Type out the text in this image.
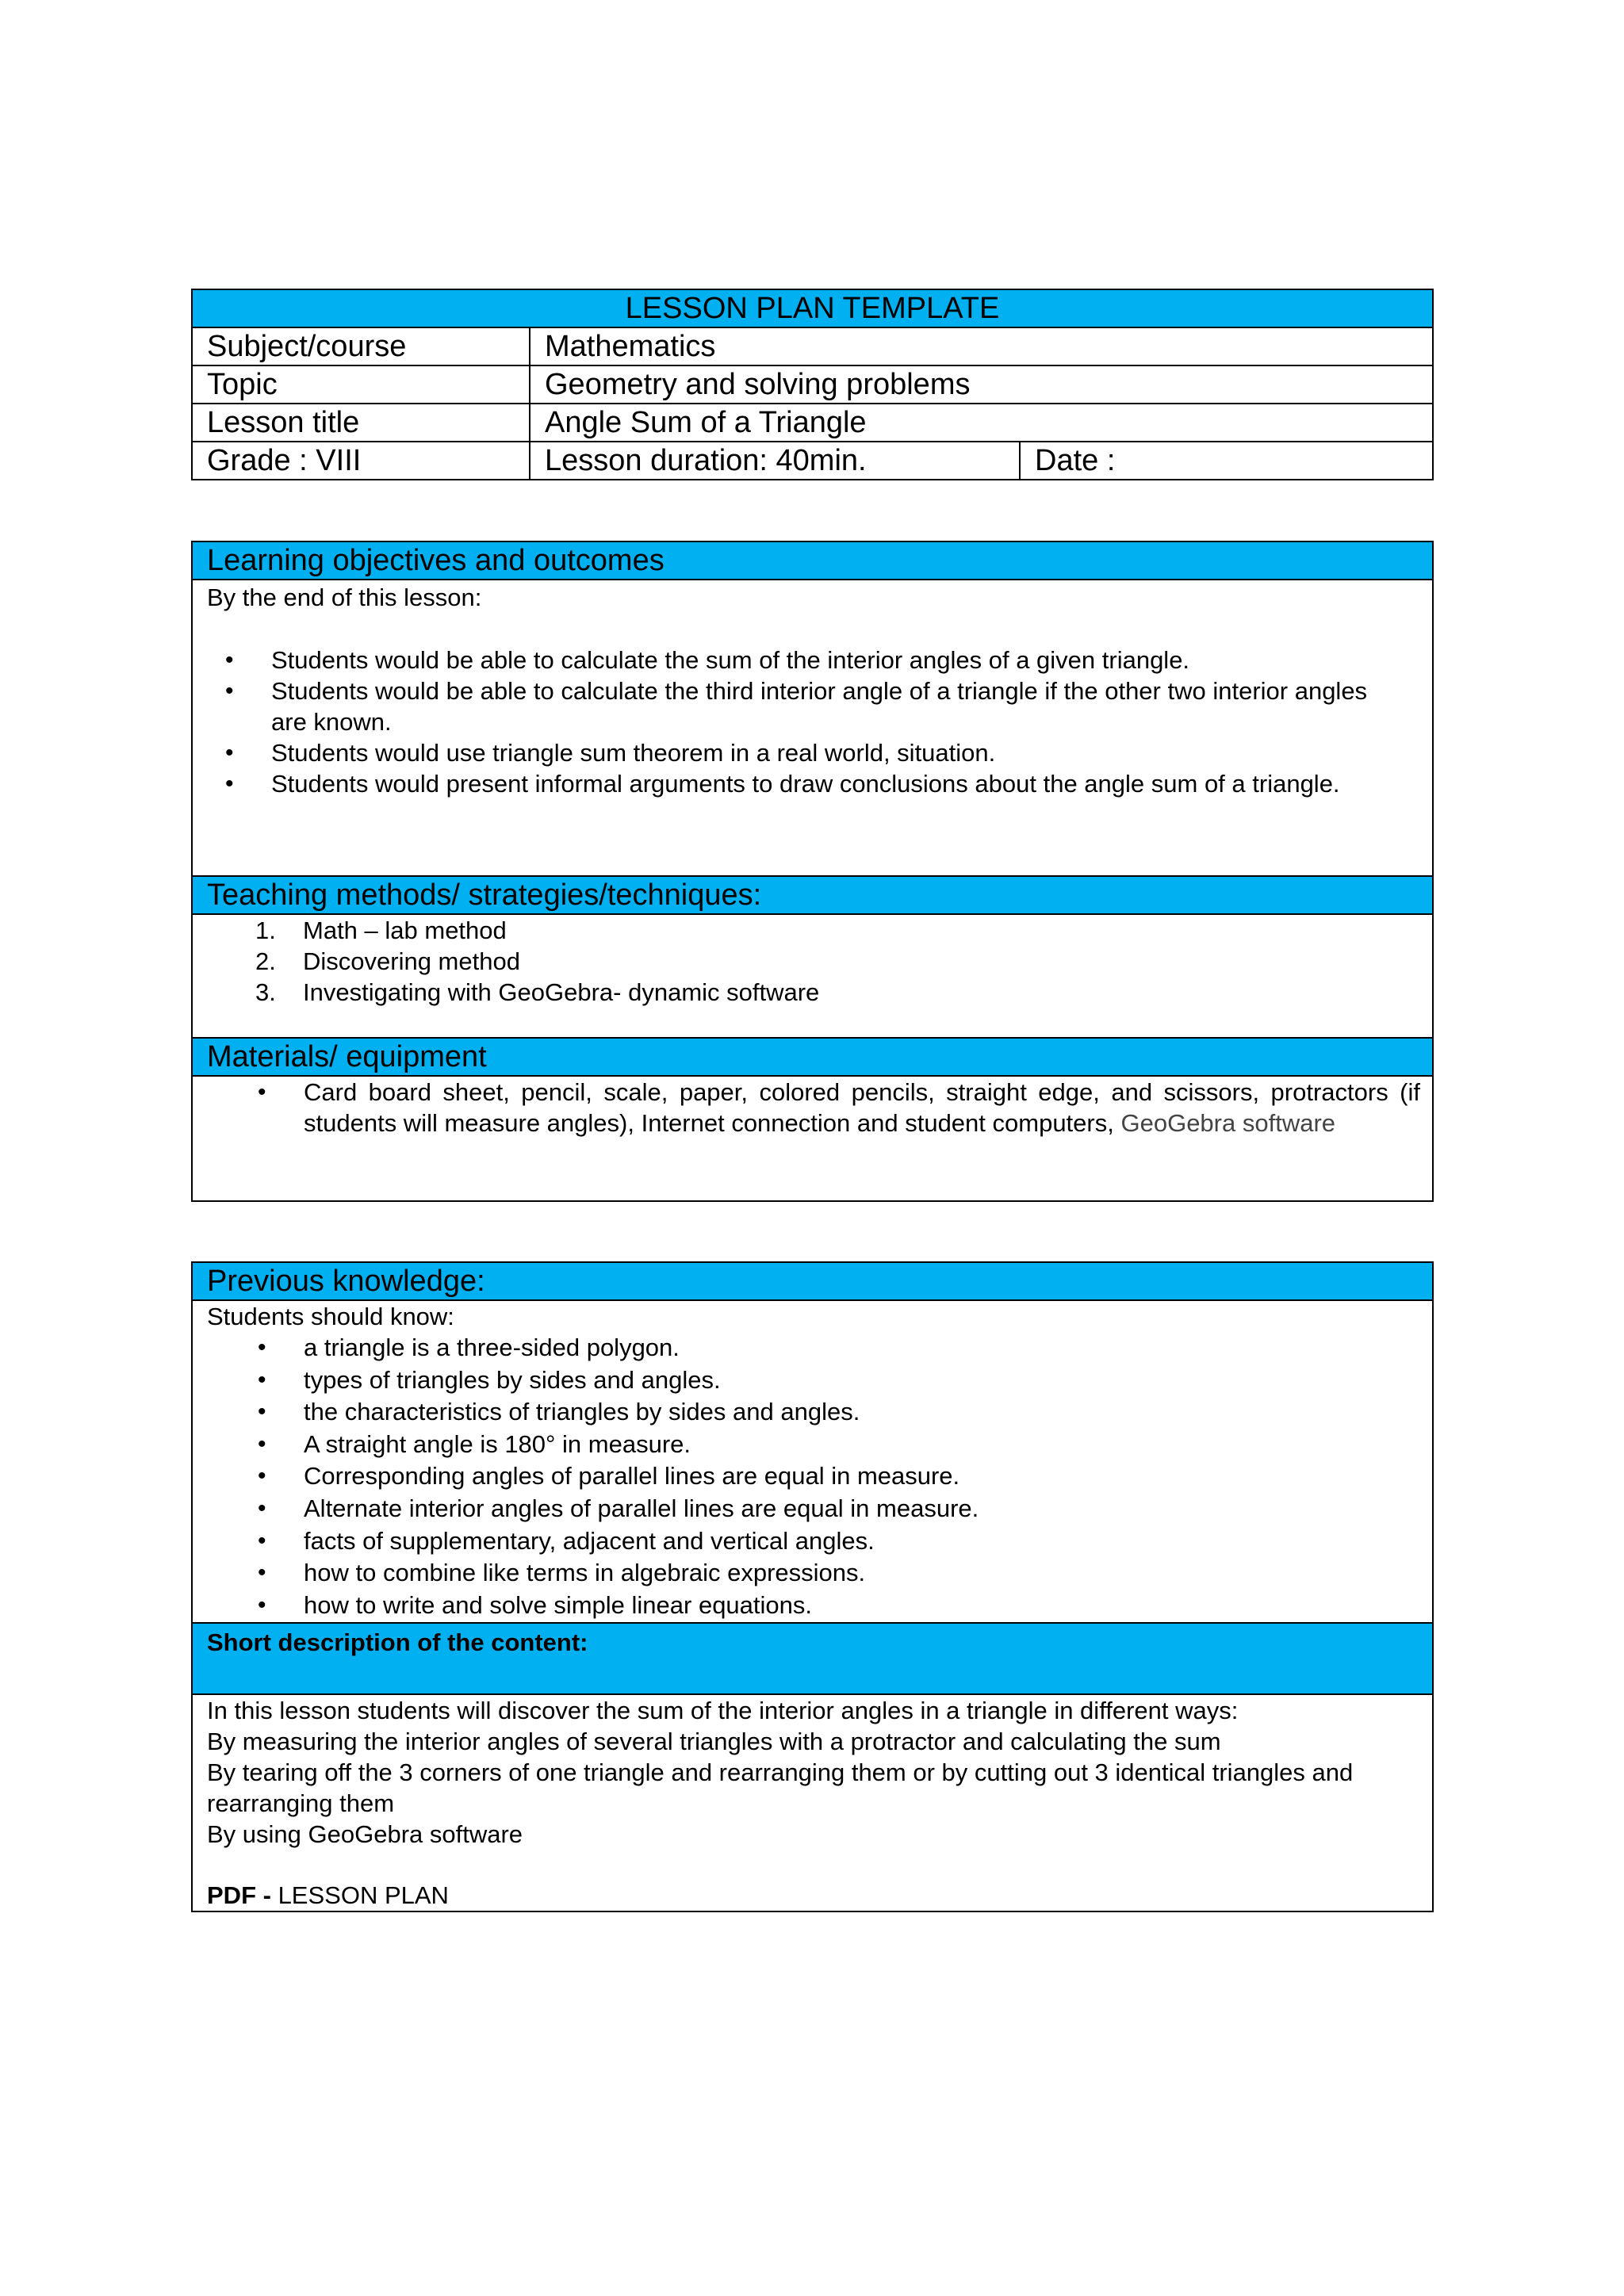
LESSON PLAN TEMPLATE
Subject/course	Mathematics
Topic	Geometry and solving problems
Lesson title	Angle Sum of a Triangle
Grade : VIII	Lesson duration: 40min.	Date :
Learning objectives and outcomes
By the end of this lesson:
• Students would be able to calculate the sum of the interior angles of a given triangle.
• Students would be able to calculate the third interior angle of a triangle if the other two interior angles are known.
• Students would use triangle sum theorem in a real world, situation.
• Students would present informal arguments to draw conclusions about the angle sum of a triangle.
Teaching methods/ strategies/techniques:
1. Math – lab method
2. Discovering method
3. Investigating with GeoGebra- dynamic software
Materials/ equipment
• Card board sheet, pencil, scale, paper, colored pencils, straight edge, and scissors, protractors (if students will measure angles), Internet connection and student computers, GeoGebra software
Previous knowledge:
Students should know:
• a triangle is a three-sided polygon.
• types of triangles by sides and angles.
• the characteristics of triangles by sides and angles.
• A straight angle is 180° in measure.
• Corresponding angles of parallel lines are equal in measure.
• Alternate interior angles of parallel lines are equal in measure.
• facts of supplementary, adjacent and vertical angles.
• how to combine like terms in algebraic expressions.
• how to write and solve simple linear equations.
Short description of the content:
In this lesson students will discover the sum of the interior angles in a triangle in different ways:
By measuring the interior angles of several triangles with a protractor and calculating the sum
By tearing off the 3 corners of one triangle and rearranging them or by cutting out 3 identical triangles and rearranging them
By using GeoGebra software
PDF - LESSON PLAN
